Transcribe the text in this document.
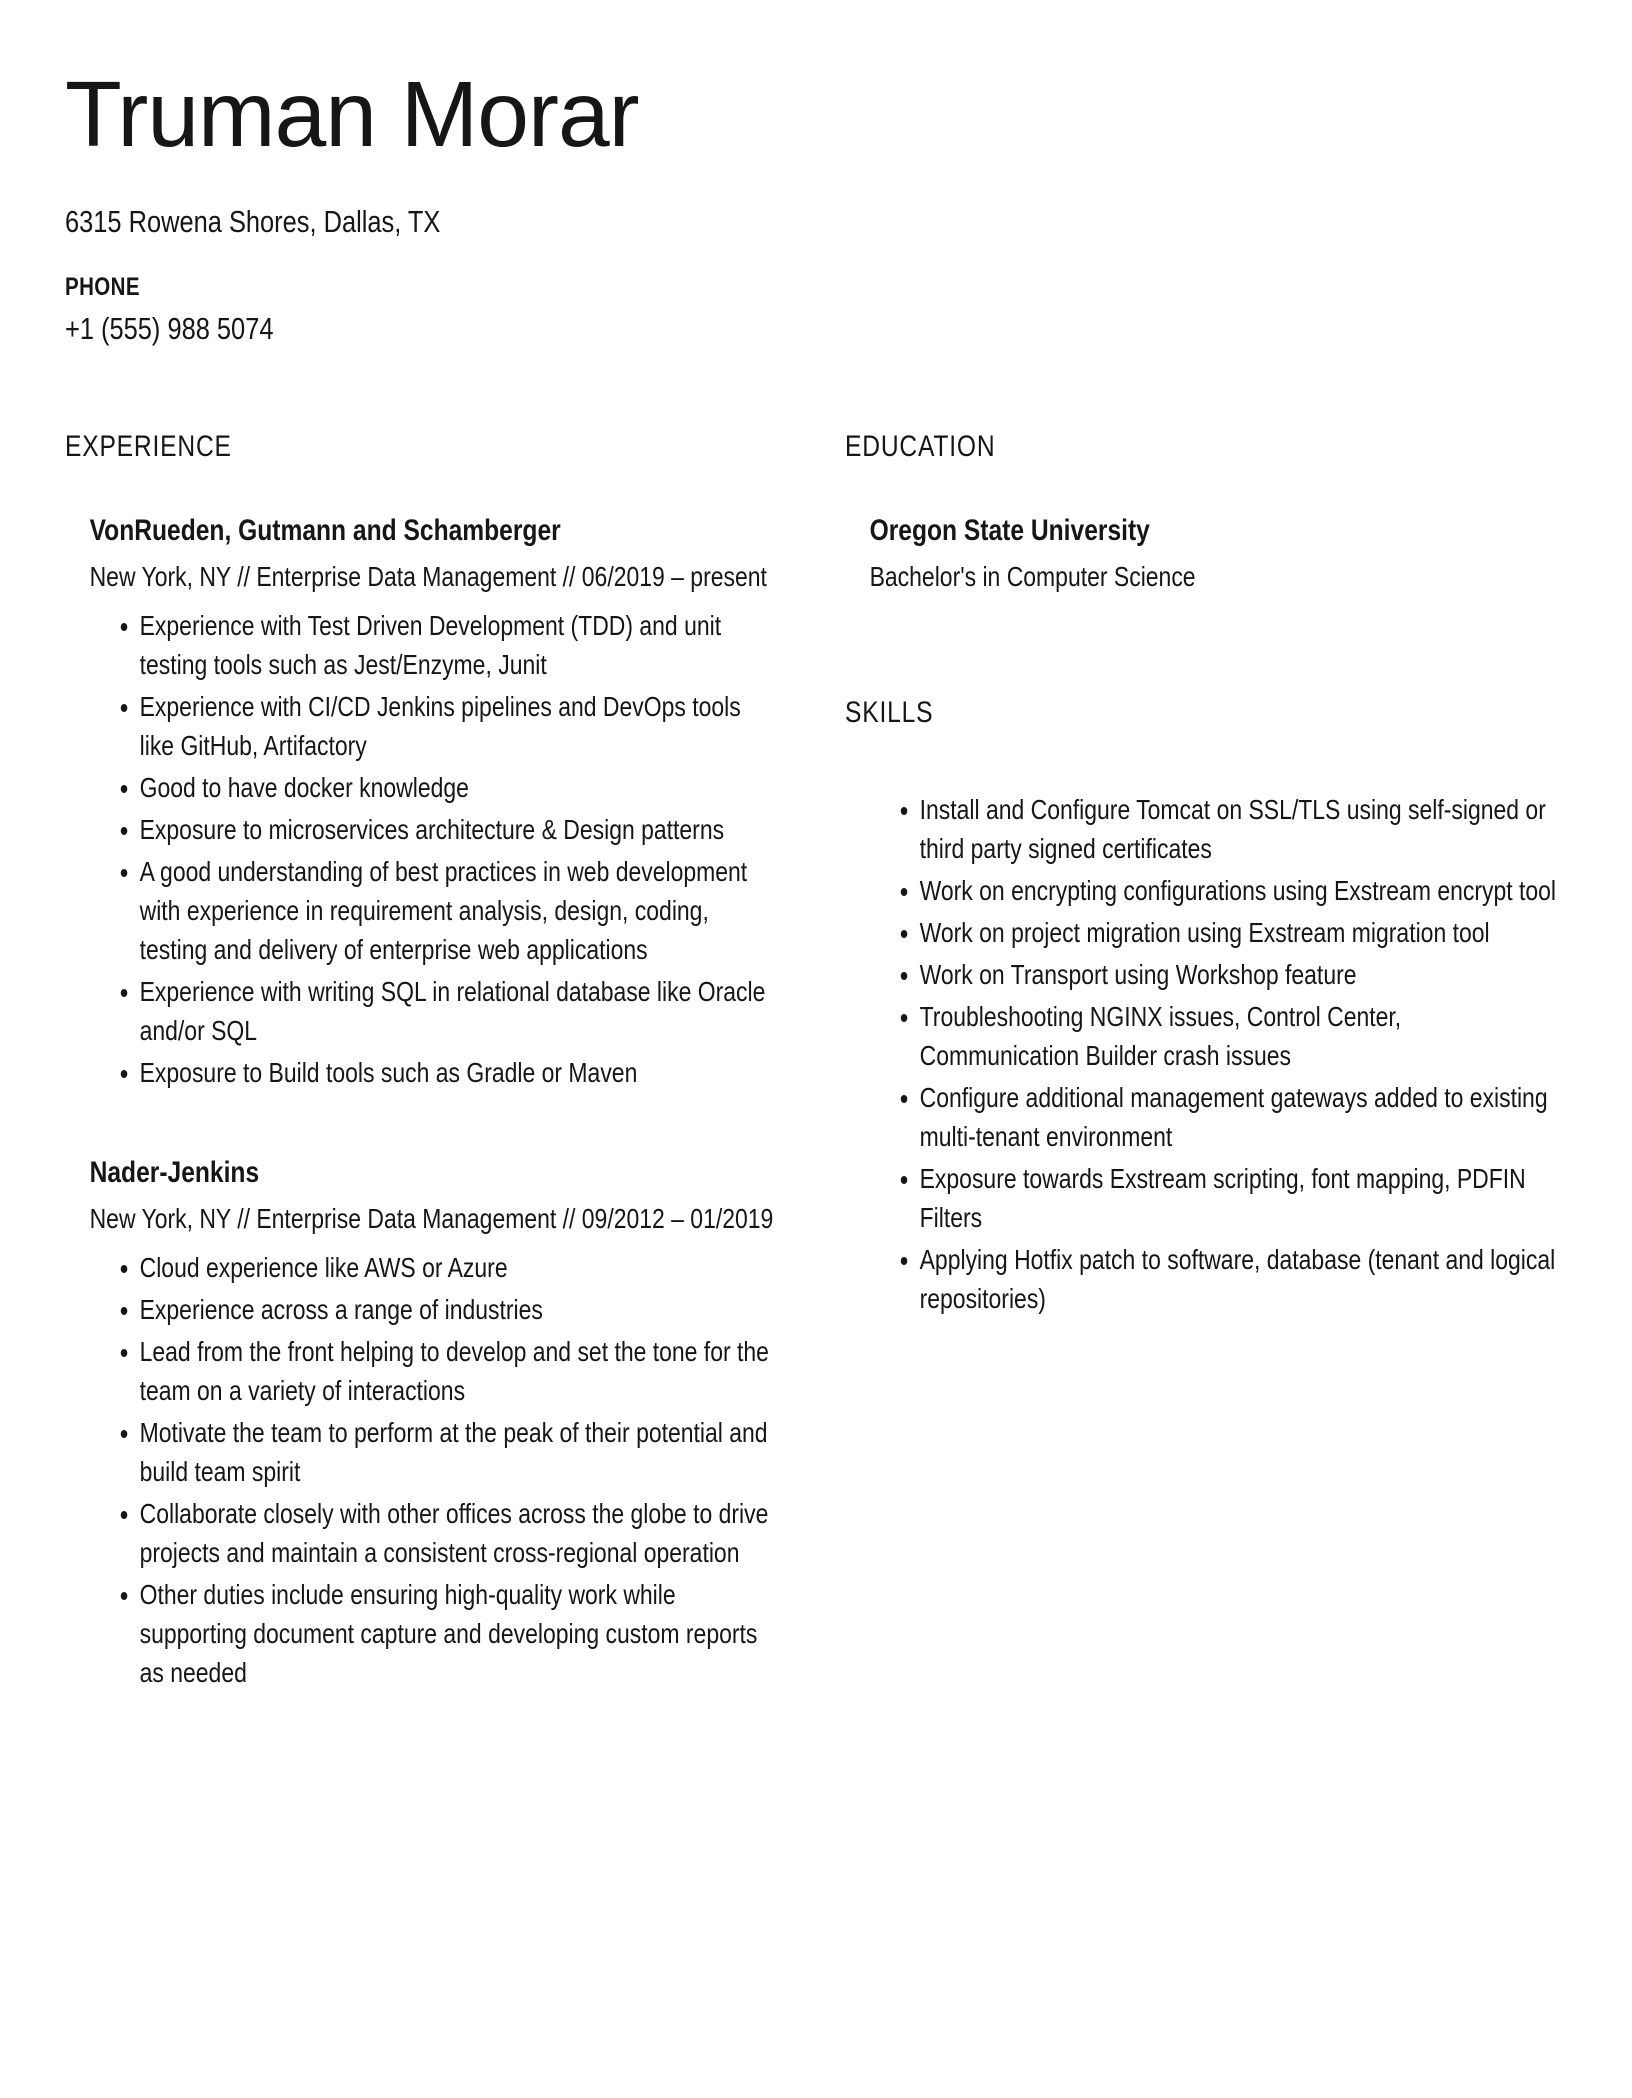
Truman Morar

6315 Rowena Shores, Dallas, TX

PHONE

+1 (555) 988 5074

EXPERIENCE
VonRueden, Gutmann and Schamberger

New York, NY // Enterprise Data Management // 06/2019 – present

• Experience with Test Driven Development (TDD) and unit testing tools such as Jest/Enzyme, Junit
• Experience with CI/CD Jenkins pipelines and DevOps tools like GitHub, Artifactory
• Good to have docker knowledge
• Exposure to microservices architecture & Design patterns
• A good understanding of best practices in web development with experience in requirement analysis, design, coding, testing and delivery of enterprise web applications
• Experience with writing SQL in relational database like Oracle and/or SQL
• Exposure to Build tools such as Gradle or Maven
Nader-Jenkins

New York, NY // Enterprise Data Management // 09/2012 – 01/2019

• Cloud experience like AWS or Azure
• Experience across a range of industries
• Lead from the front helping to develop and set the tone for the team on a variety of interactions
• Motivate the team to perform at the peak of their potential and build team spirit
• Collaborate closely with other offices across the globe to drive projects and maintain a consistent cross-regional operation
• Other duties include ensuring high-quality work while supporting document capture and developing custom reports as needed
EDUCATION
Oregon State University

Bachelor's in Computer Science

SKILLS
• Install and Configure Tomcat on SSL/TLS using self-signed or third party signed certificates
• Work on encrypting configurations using Exstream encrypt tool
• Work on project migration using Exstream migration tool
• Work on Transport using Workshop feature
• Troubleshooting NGINX issues, Control Center, Communication Builder crash issues
• Configure additional management gateways added to existing multi-tenant environment
• Exposure towards Exstream scripting, font mapping, PDFIN Filters
• Applying Hotfix patch to software, database (tenant and logical repositories)
